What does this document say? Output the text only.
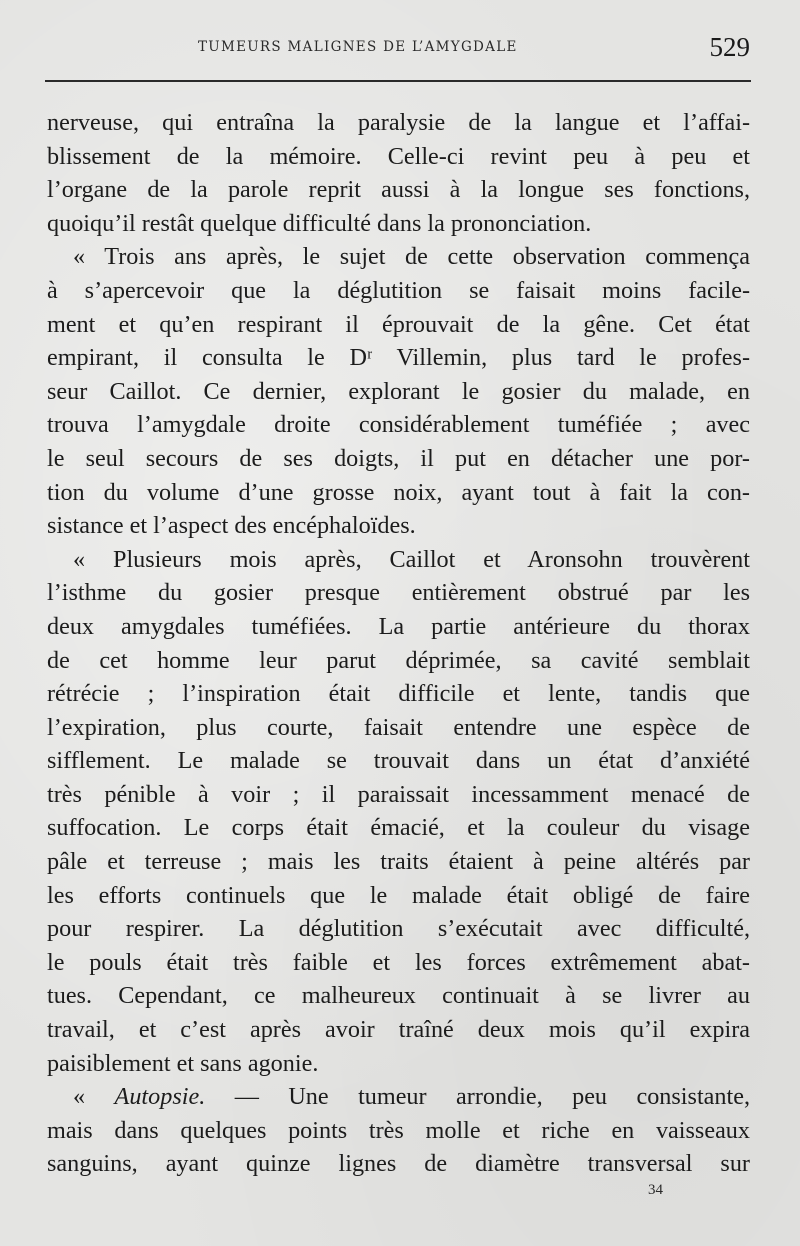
TUMEURS MALIGNES DE L’AMYGDALE	529
nerveuse, qui entraîna la paralysie de la langue et l’affai-
blissement de la mémoire. Celle-ci revint peu à peu et
l’organe de la parole reprit aussi à la longue ses fonctions,
quoiqu’il restât quelque difficulté dans la prononciation.
« Trois ans après, le sujet de cette observation commença
à s’apercevoir que la déglutition se faisait moins facile-
ment et qu’en respirant il éprouvait de la gêne. Cet état
empirant, il consulta le Dʳ Villemin, plus tard le profes-
seur Caillot. Ce dernier, explorant le gosier du malade, en
trouva l’amygdale droite considérablement tuméfiée ; avec
le seul secours de ses doigts, il put en détacher une por-
tion du volume d’une grosse noix, ayant tout à fait la con-
sistance et l’aspect des encéphaloïdes.
« Plusieurs mois après, Caillot et Aronsohn trouvèrent
l’isthme du gosier presque entièrement obstrué par les
deux amygdales tuméfiées. La partie antérieure du thorax
de cet homme leur parut déprimée, sa cavité semblait
rétrécie ; l’inspiration était difficile et lente, tandis que
l’expiration, plus courte, faisait entendre une espèce de
sifflement. Le malade se trouvait dans un état d’anxiété
très pénible à voir ; il paraissait incessamment menacé de
suffocation. Le corps était émacié, et la couleur du visage
pâle et terreuse ; mais les traits étaient à peine altérés par
les efforts continuels que le malade était obligé de faire
pour respirer. La déglutition s’exécutait avec difficulté,
le pouls était très faible et les forces extrêmement abat-
tues. Cependant, ce malheureux continuait à se livrer au
travail, et c’est après avoir traîné deux mois qu’il expira
paisiblement et sans agonie.
« Autopsie. — Une tumeur arrondie, peu consistante,
mais dans quelques points très molle et riche en vaisseaux
sanguins, ayant quinze lignes de diamètre transversal sur
34
